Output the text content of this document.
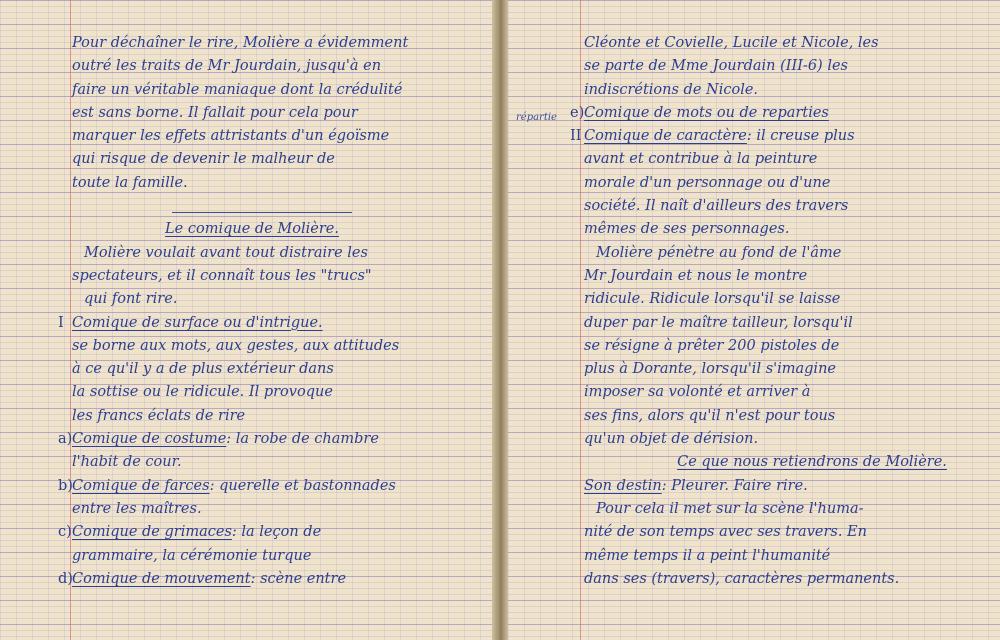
Pour déchaîner le rire, Molière a évidemment
outré les traits de Mr Jourdain, jusqu'à en
faire un véritable maniaque dont la crédulité
est sans borne. Il fallait pour cela pour
marquer les effets attristants d'un égoïsme
qui risque de devenir le malheur de
toute la famille.
Le comique de Molière.
Molière voulait avant tout distraire les
spectateurs, et il connaît tous les "trucs"
qui font rire.
I Comique de surface ou d'intrigue.
se borne aux mots, aux gestes, aux attitudes
à ce qu'il y a de plus extérieur dans
la sottise ou le ridicule. Il provoque
les francs éclats de rire
a)Comique de costume: la robe de chambre
l'habit de cour.
b)Comique de farces: querelle et bastonnades
entre les maîtres.
c)Comique de grimaces: la leçon de
grammaire, la cérémonie turque
d)Comique de mouvement: scène entre
répartie
Cléonte et Covielle, Lucile et Nicole, les
se parte de Mme Jourdain (III-6) les
indiscrétions de Nicole.
e)Comique de mots ou de reparties
II Comique de caractère: il creuse plus
avant et contribue à la peinture
morale d'un personnage ou d'une
société. Il naît d'ailleurs des travers
mêmes de ses personnages.
Molière pénètre au fond de l'âme
Mr Jourdain et nous le montre
ridicule. Ridicule lorsqu'il se laisse
duper par le maître tailleur, lorsqu'il
se résigne à prêter 200 pistoles de
plus à Dorante, lorsqu'il s'imagine
imposer sa volonté et arriver à
ses fins, alors qu'il n'est pour tous
qu'un objet de dérision.
Ce que nous retiendrons de Molière.
Son destin: Pleurer. Faire rire.
Pour cela il met sur la scène l'huma-
nité de son temps avec ses travers. En
même temps il a peint l'humanité
dans ses (travers), caractères permanents.
